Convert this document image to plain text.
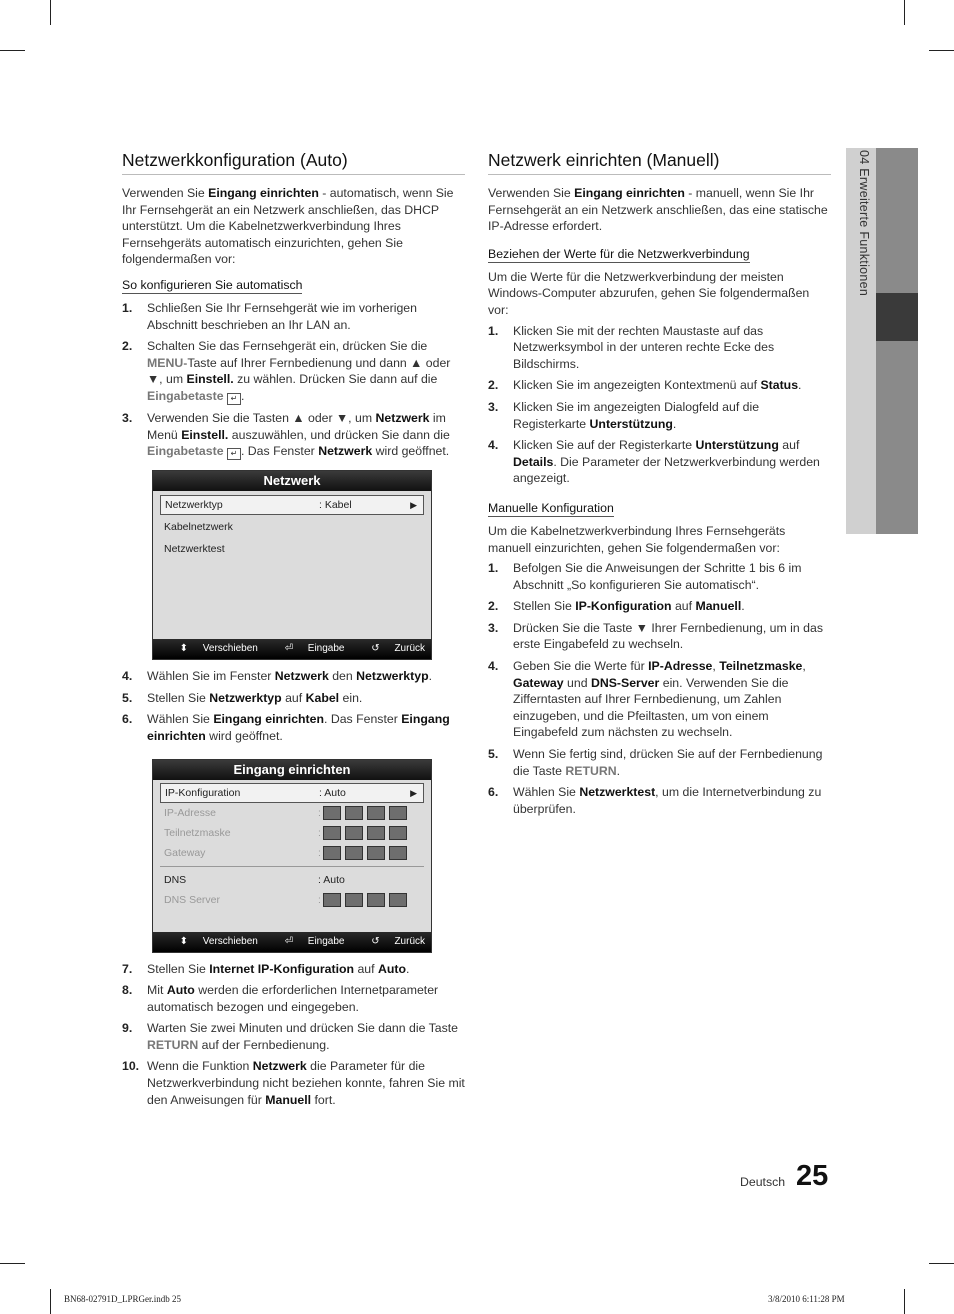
04 Erweiterte Funktionen
Netzwerkkonfiguration (Auto)

Verwenden Sie Eingang einrichten - automatisch, wenn Sie Ihr Fernsehgerät an ein Netzwerk anschließen, das DHCP unterstützt. Um die Kabelnetzwerkverbindung Ihres Fernsehgeräts automatisch einzurichten, gehen Sie folgendermaßen vor:

So konfigurieren Sie automatisch
1. Schließen Sie Ihr Fernsehgerät wie im vorherigen Abschnitt beschrieben an Ihr LAN an.
2. Schalten Sie das Fernsehgerät ein, drücken Sie die MENU-Taste auf Ihrer Fernbedienung und dann ▲ oder ▼, um Einstell. zu wählen. Drücken Sie dann auf die Eingabetaste ↵ .
3. Verwenden Sie die Tasten ▲ oder ▼, um Netzwerk im Menü Einstell. auszuwählen, und drücken Sie dann die Eingabetaste ↵ . Das Fenster Netzwerk wird geöffnet.
Netzwerk
Netzwerktyp	: Kabel	▶
Kabelnetzwerk
Netzwerktest
⬍ Verschieben	⏎ Eingabe	↺ Zurück
4. Wählen Sie im Fenster Netzwerk den Netzwerktyp.
5. Stellen Sie Netzwerktyp auf Kabel ein.
6. Wählen Sie Eingang einrichten. Das Fenster Eingang einrichten wird geöffnet.
Eingang einrichten
IP-Konfiguration	: Auto	▶
IP-Adresse	:
Teilnetzmaske	:
Gateway	:
DNS	: Auto
DNS Server	:
⬍ Verschieben	⏎ Eingabe	↺ Zurück
7. Stellen Sie Internet IP-Konfiguration auf Auto.
8. Mit Auto werden die erforderlichen Internetparameter automatisch bezogen und eingegeben.
9. Warten Sie zwei Minuten und drücken Sie dann die Taste RETURN auf der Fernbedienung.
10. Wenn die Funktion Netzwerk die Parameter für die Netzwerkverbindung nicht beziehen konnte, fahren Sie mit den Anweisungen für Manuell fort.
Netzwerk einrichten (Manuell)

Verwenden Sie Eingang einrichten - manuell, wenn Sie Ihr Fernsehgerät an ein Netzwerk anschließen, das eine statische IP-Adresse erfordert.

Beziehen der Werte für die Netzwerkverbindung

Um die Werte für die Netzwerkverbindung der meisten Windows-Computer abzurufen, gehen Sie folgendermaßen vor:

1. Klicken Sie mit der rechten Maustaste auf das Netzwerksymbol in der unteren rechte Ecke des Bildschirms.
2. Klicken Sie im angezeigten Kontextmenü auf Status.
3. Klicken Sie im angezeigten Dialogfeld auf die Registerkarte Unterstützung.
4. Klicken Sie auf der Registerkarte Unterstützung auf Details. Die Parameter der Netzwerkverbindung werden angezeigt.
Manuelle Konfiguration

Um die Kabelnetzwerkverbindung Ihres Fernsehgeräts manuell einzurichten, gehen Sie folgendermaßen vor:

1. Befolgen Sie die Anweisungen der Schritte 1 bis 6 im Abschnitt „So konfigurieren Sie automatisch“.
2. Stellen Sie IP-Konfiguration auf Manuell.
3. Drücken Sie die Taste ▼ Ihrer Fernbedienung, um in das erste Eingabefeld zu wechseln.
4. Geben Sie die Werte für IP-Adresse, Teilnetzmaske, Gateway und DNS-Server ein. Verwenden Sie die Zifferntasten auf Ihrer Fernbedienung, um Zahlen einzugeben, und die Pfeiltasten, um von einem Eingabefeld zum nächsten zu wechseln.
5. Wenn Sie fertig sind, drücken Sie auf der Fernbedienung die Taste RETURN.
6. Wählen Sie Netzwerktest, um die Internetverbindung zu überprüfen.
Deutsch 25
BN68-02791D_LPRGer.indb 25	3/8/2010 6:11:28 PM
